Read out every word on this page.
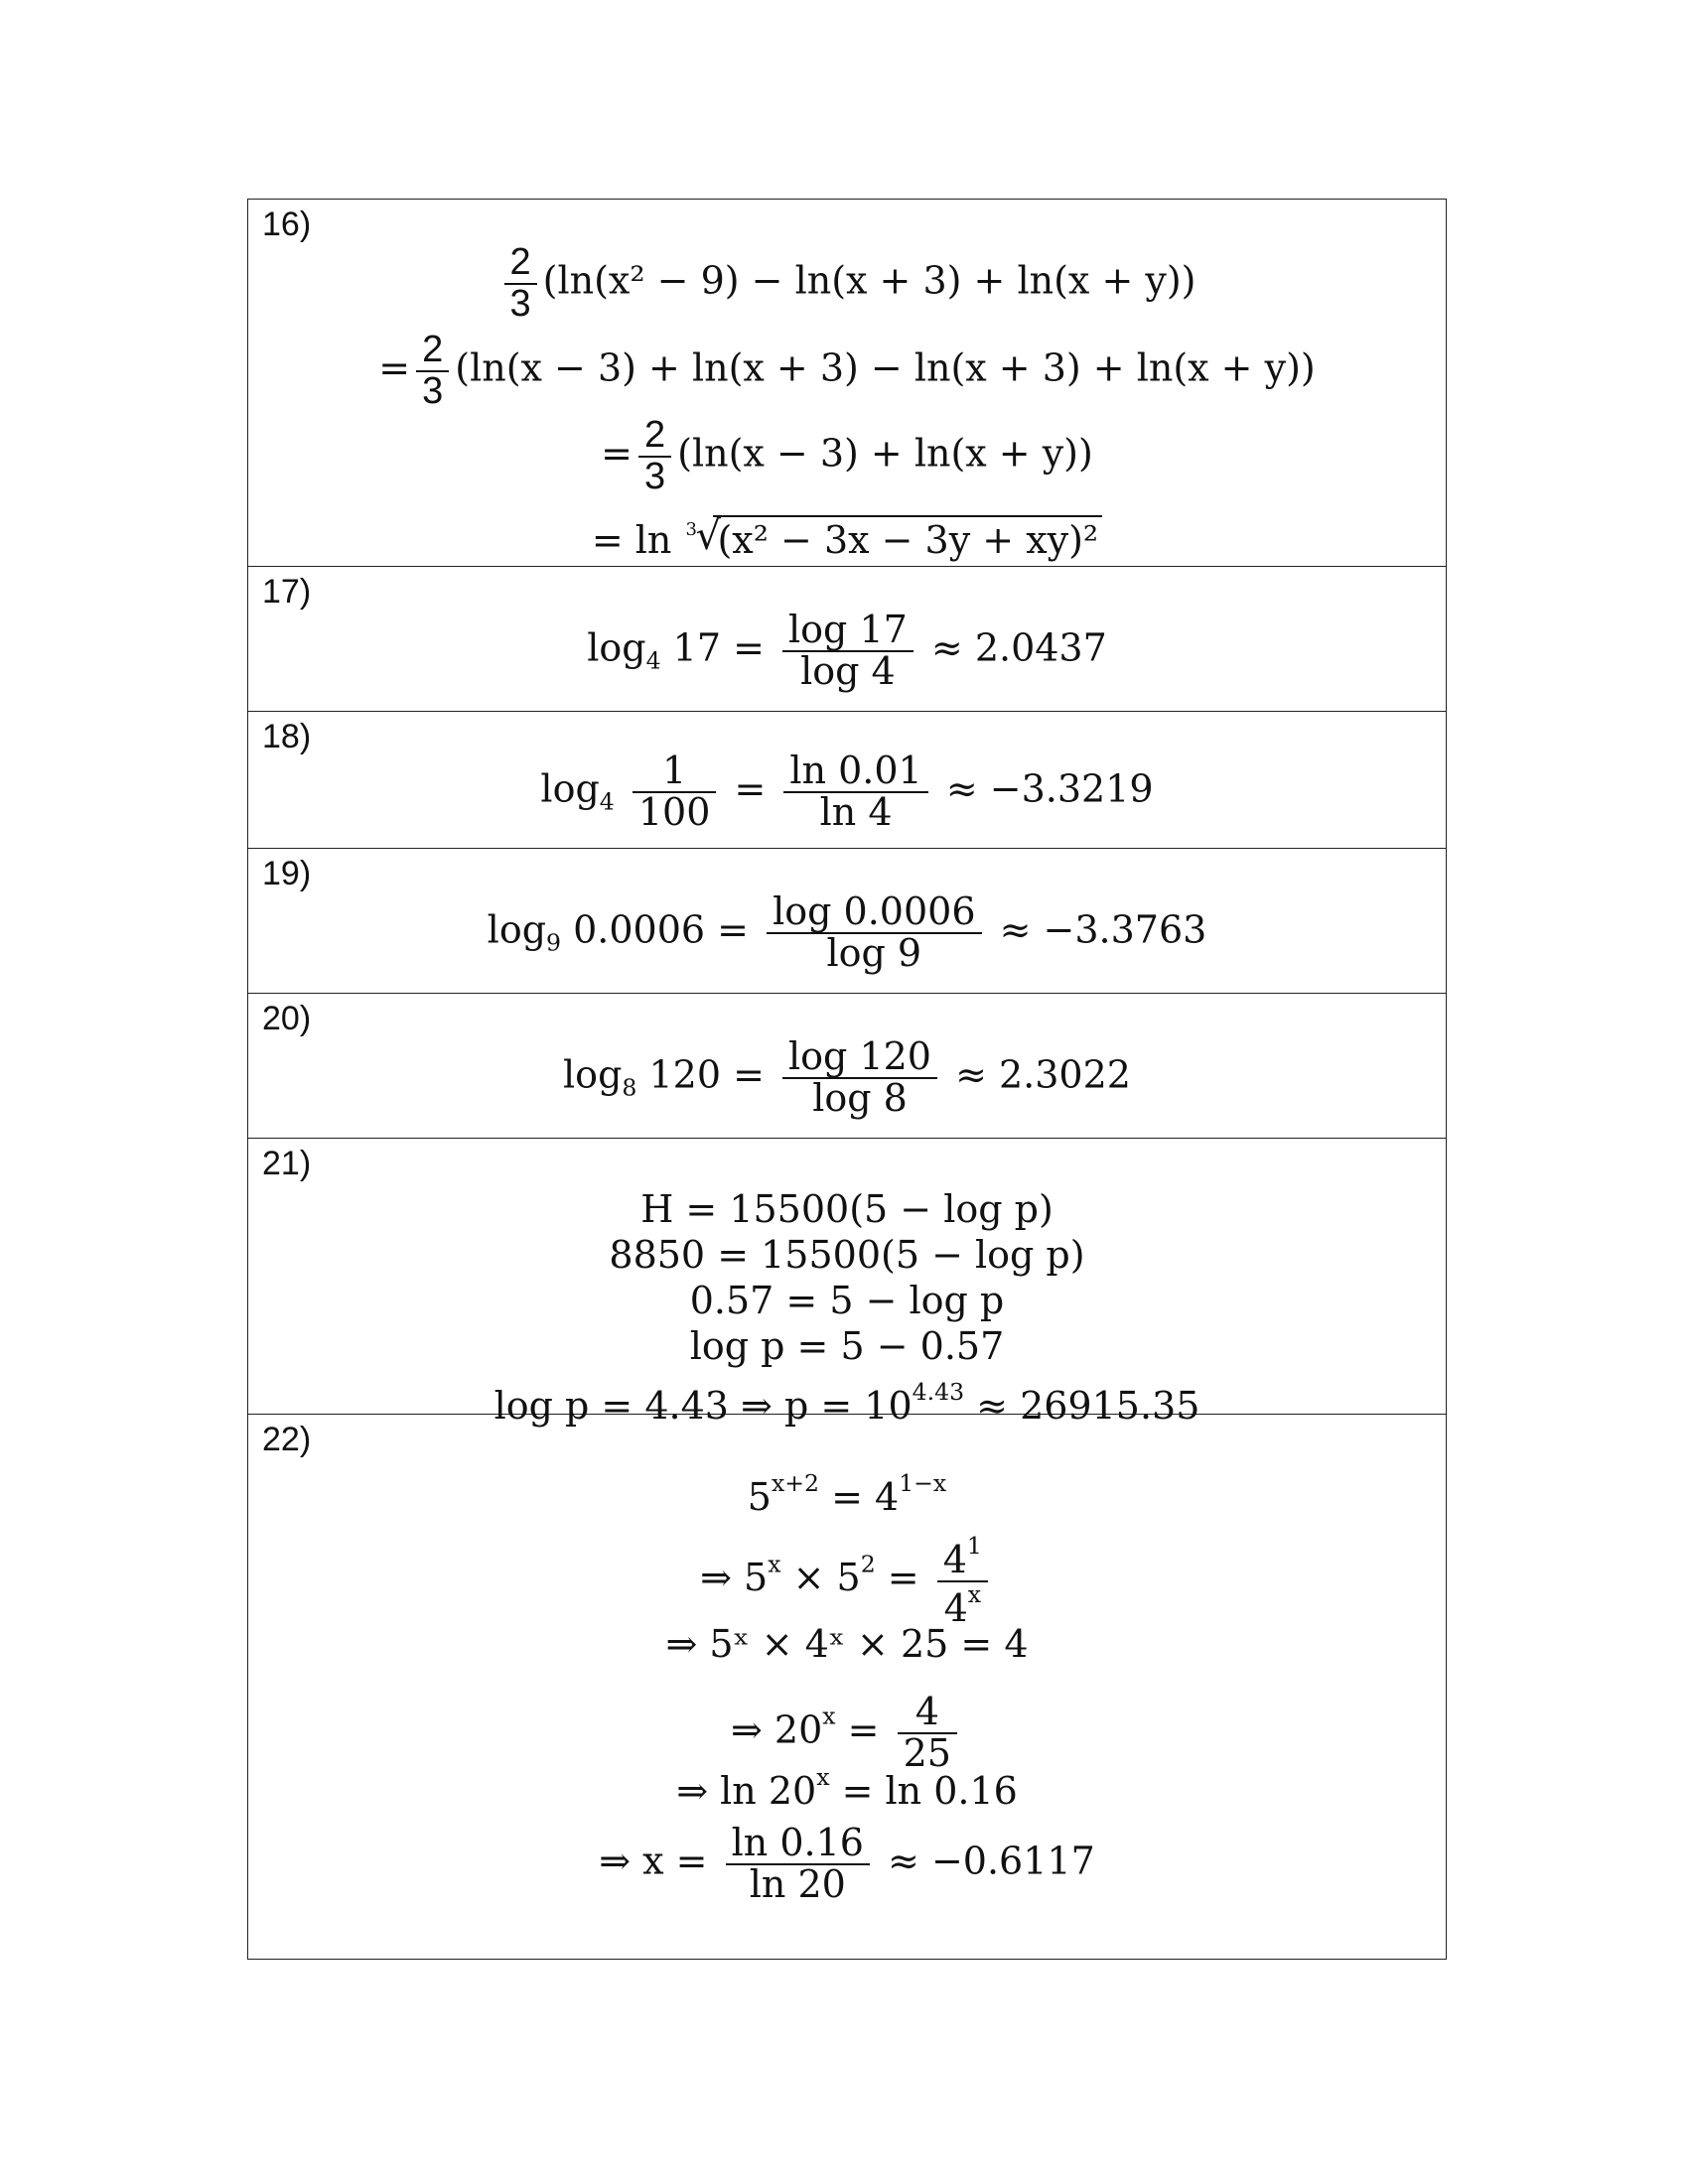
16)
$\frac{2}{3} (\ln(x^2 - 9) - \ln(x + 3) + \ln(x + y))$
= $\frac{2}{3} (\ln(x - 3) + \ln(x + 3) - \ln(x + 3) + \ln(x + y))$
= $\frac{2}{3} (\ln(x - 3) + \ln(x + y))$
= ln 3
√
(x² − 3x − 3y + xy)²
17)
$\log_4 17 = \frac{\log 17}{\log 4} \approx 2.0437$
18)
$\log_4 \frac{1}{100} = \frac{\ln 0.01}{\ln 4} \approx -3.3219$
19)
$\log_9 0.0006 = \frac{\log 0.0006}{\log 9} \approx -3.3763$
20)
$\log_8 120 = \frac{\log 120}{\log 8} \approx 2.3022$
21)
H = 15500(5 − log p)
8850 = 15500(5 − log p)
0.57 = 5 − log p
log p = 5 − 0.57
log p = 4.43 ⇒ $p = 10^{4.43} \approx 26915.35$
22)
$5^{x+2} = 4^{1-x}$
⇒ $5^x \times 5^2 = \frac{4^1}{4^x}$
⇒ 5ˣ × 4ˣ × 25 = 4
⇒ $20^x = \frac{4}{25}$
⇒ $\ln 20^x = \ln 0.16$
⇒ $x = \frac{\ln 0.16}{\ln 20} \approx -0.6117$
